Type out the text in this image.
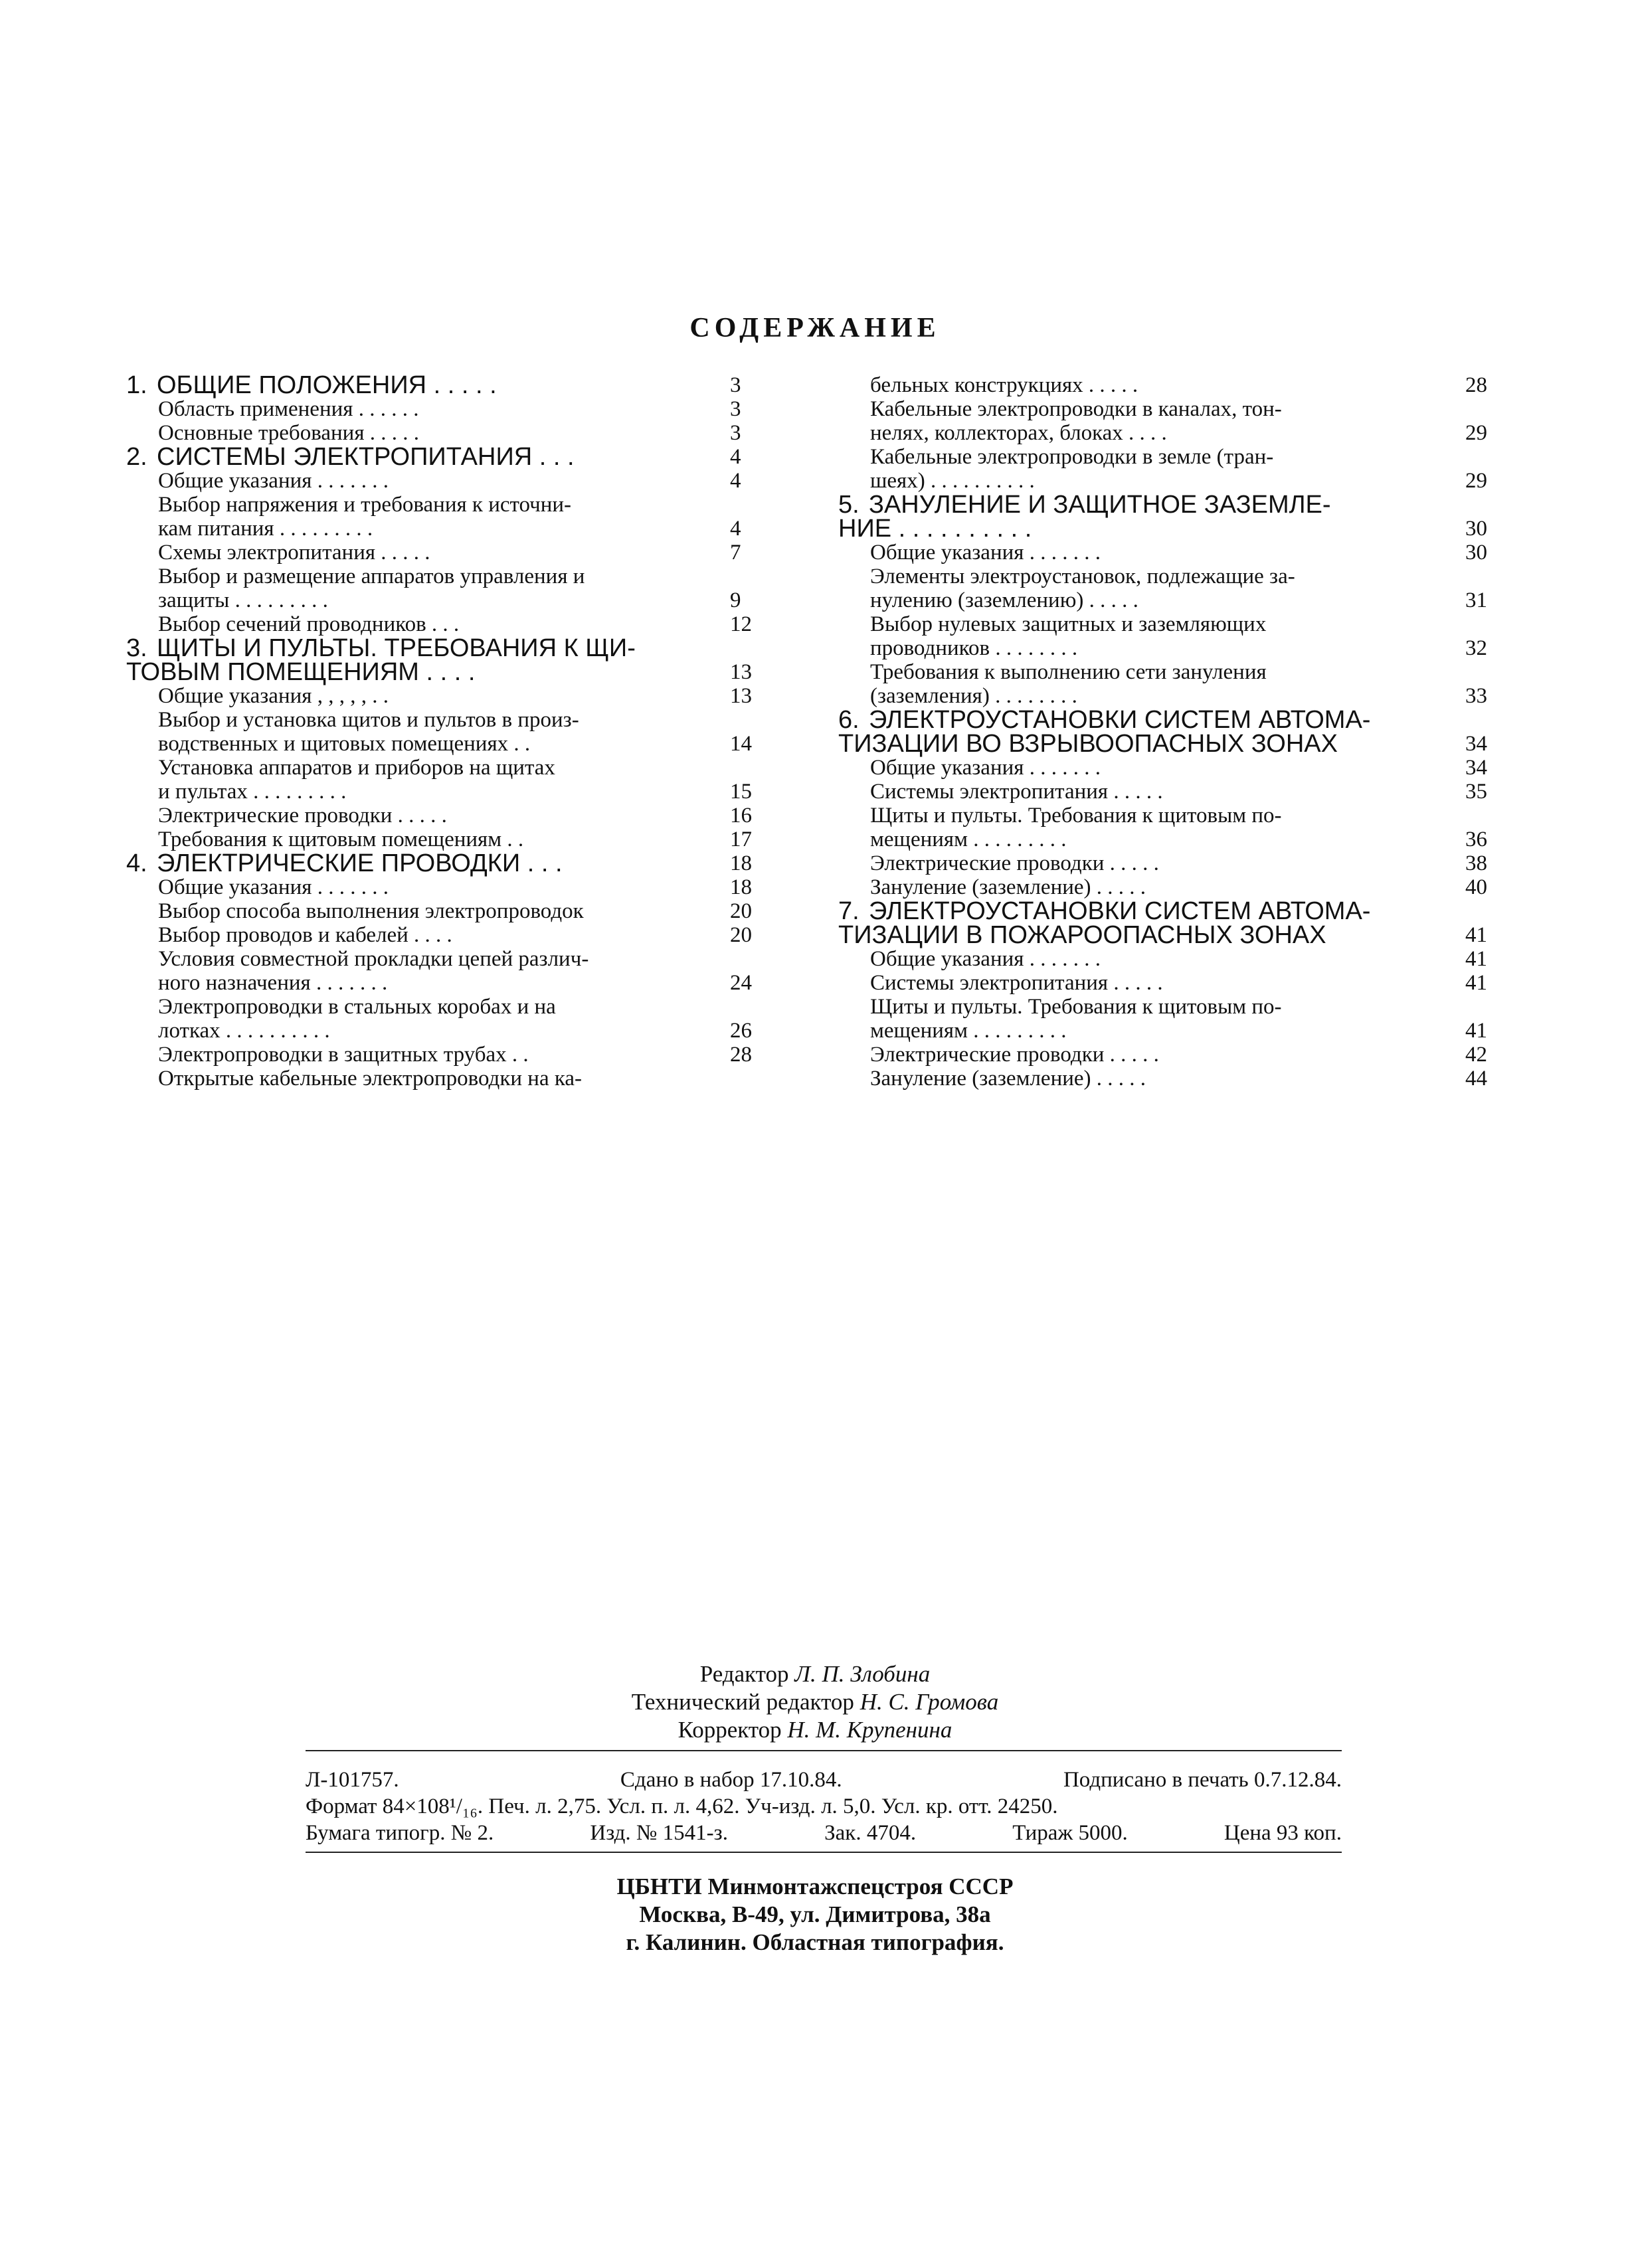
СОДЕРЖАНИЕ
1. ОБЩИЕ ПОЛОЖЕНИЯ . . . . .	3
Область применения . . . . . .	3
Основные требования . . . . .	3
2. СИСТЕМЫ ЭЛЕКТРОПИТАНИЯ . . .	4
Общие указания . . . . . . .	4
Выбор напряжения и требования к источни-
кам питания . . . . . . . . .	4
Схемы электропитания . . . . .	7
Выбор и размещение аппаратов управления и
защиты . . . . . . . . .	9
Выбор сечений проводников . . .	12
3. ЩИТЫ И ПУЛЬТЫ. ТРЕБОВАНИЯ К ЩИ-
ТОВЫМ ПОМЕЩЕНИЯМ . . . .	13
Общие указания , , , , , . .	13
Выбор и установка щитов и пультов в произ-
водственных и щитовых помещениях . .	14
Установка аппаратов и приборов на щитах
и пультах . . . . . . . . .	15
Электрические проводки . . . . .	16
Требования к щитовым помещениям . .	17
4. ЭЛЕКТРИЧЕСКИЕ ПРОВОДКИ . . .	18
Общие указания . . . . . . .	18
Выбор способа выполнения электропроводок	20
Выбор проводов и кабелей . . . .	20
Условия совместной прокладки цепей различ-
ного назначения . . . . . . .	24
Электропроводки в стальных коробах и на
лотках . . . . . . . . . .	26
Электропроводки в защитных трубах . .	28
Открытые кабельные электропроводки на ка-
бельных конструкциях . . . . .	28
Кабельные электропроводки в каналах, тон-
нелях, коллекторах, блоках . . . .	29
Кабельные электропроводки в земле (тран-
шеях) . . . . . . . . . .	29
5. ЗАНУЛЕНИЕ И ЗАЩИТНОЕ ЗАЗЕМЛЕ-
НИЕ . . . . . . . . . .	30
Общие указания . . . . . . .	30
Элементы электроустановок, подлежащие за-
нулению (заземлению) . . . . .	31
Выбор нулевых защитных и заземляющих
проводников . . . . . . . .	32
Требования к выполнению сети зануления
(заземления) . . . . . . . .	33
6. ЭЛЕКТРОУСТАНОВКИ СИСТЕМ АВТОМА-
ТИЗАЦИИ ВО ВЗРЫВООПАСНЫХ ЗОНАХ	34
Общие указания . . . . . . .	34
Системы электропитания . . . . .	35
Щиты и пульты. Требования к щитовым по-
мещениям . . . . . . . . .	36
Электрические проводки . . . . .	38
Зануление (заземление) . . . . .	40
7. ЭЛЕКТРОУСТАНОВКИ СИСТЕМ АВТОМА-
ТИЗАЦИИ В ПОЖАРООПАСНЫХ ЗОНАХ	41
Общие указания . . . . . . .	41
Системы электропитания . . . . .	41
Щиты и пульты. Требования к щитовым по-
мещениям . . . . . . . . .	41
Электрические проводки . . . . .	42
Зануление (заземление) . . . . .	44
Редактор Л. П. Злобина
Технический редактор Н. С. Громова
Корректор Н. М. Крупенина
Л-101757.	Сдано в набор 17.10.84.	Подписано в печать 0.7.12.84.
Формат 84×108¹/₁₆. Печ. л. 2,75. Усл. п. л. 4,62. Уч-изд. л. 5,0. Усл. кр. отт. 24250.
Бумага типогр. № 2.	Изд. № 1541-з.	Зак. 4704.	Тираж 5000.	Цена 93 коп.
ЦБНТИ Минмонтажспецстроя СССР
Москва, В-49, ул. Димитрова, 38а
г. Калинин. Областная типография.
